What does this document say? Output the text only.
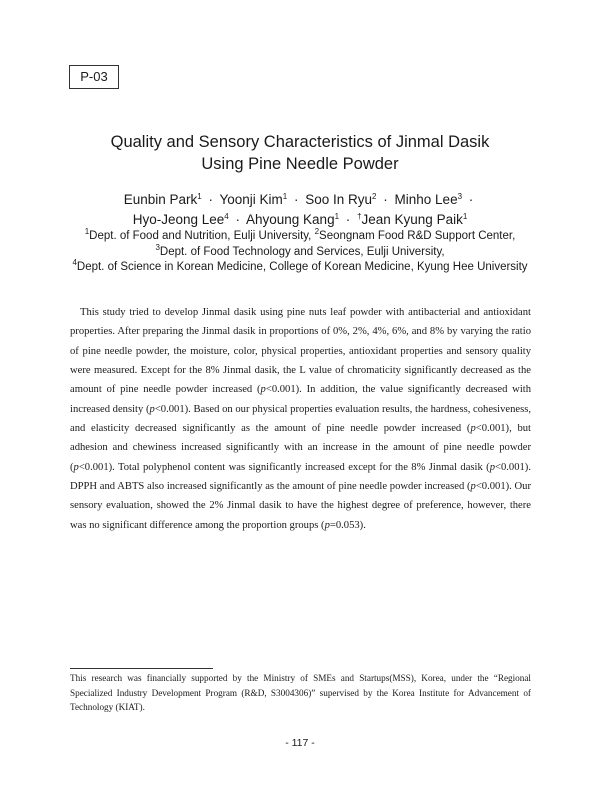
P-03
Quality and Sensory Characteristics of Jinmal Dasik
Using Pine Needle Powder
Eunbin Park$^1$ · Yoonji Kim$^1$ · Soo In Ryu$^2$ · Minho Lee$^3$ ·
Hyo-Jeong Lee$^4$ · Ahyoung Kang$^1$ · †Jean Kyung Paik$^1$
$^1$Dept. of Food and Nutrition, Eulji University, $^2$Seongnam Food R&D Support Center,
$^3$Dept. of Food Technology and Services, Eulji University,
$^4$Dept. of Science in Korean Medicine, College of Korean Medicine, Kyung Hee University

This study tried to develop Jinmal dasik using pine nuts leaf powder with antibacterial and antioxidant properties. After preparing the Jinmal dasik in proportions of 0%, 2%, 4%, 6%, and 8% by varying the ratio of pine needle powder, the moisture, color, physical properties, antioxidant properties and sensory quality were measured. Except for the 8% Jinmal dasik, the L value of chromaticity significantly decreased as the amount of pine needle powder increased (p<0.001). In addition, the value significantly decreased with increased density (p<0.001). Based on our physical properties evaluation results, the hardness, cohesiveness, and elasticity decreased significantly as the amount of pine needle powder increased (p<0.001), but adhesion and chewiness increased significantly with an increase in the amount of pine needle powder (p<0.001). Total polyphenol content was significantly increased except for the 8% Jinmal dasik (p<0.001). DPPH and ABTS also increased significantly as the amount of pine needle powder increased (p<0.001). Our sensory evaluation, showed the 2% Jinmal dasik to have the highest degree of preference, however, there was no significant difference among the proportion groups (p=0.053).

This research was financially supported by the Ministry of SMEs and Startups(MSS), Korea, under the “Regional Specialized Industry Development Program (R&D, S3004306)” supervised by the Korea Institute for Advancement of Technology (KIAT).

- 117 -
